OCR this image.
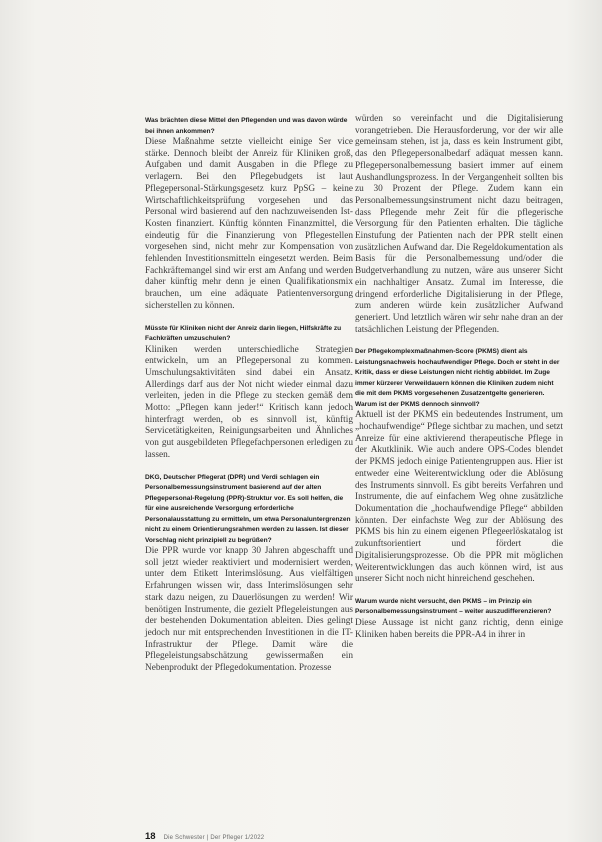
Was brächten diese Mittel den Pflegenden und was davon würde bei ihnen ankommen?

Diese Maßnahme setzte vielleicht einige Ser vice stärke. Dennoch bleibt der Anreiz für Kliniken groß, Aufgaben und damit Ausgaben in die Pflege zu verlagern. Bei den Pflegebudgets ist laut Pflegepersonal-Stärkungsgesetz kurz PpSG – keine Wirtschaftlichkeitsprüfung vorgesehen und das Personal wird basierend auf den nachzuweisenden Ist-Kosten finanziert. Künftig könnten Finanzmittel, die eindeutig für die Finanzierung von Pflegestellen vorgesehen sind, nicht mehr zur Kompensation von fehlenden Investitionsmitteln eingesetzt werden. Beim Fachkräftemangel sind wir erst am Anfang und werden daher künftig mehr denn je einen Qualifikationsmix brauchen, um eine adäquate Patientenversorgung sicherstellen zu können.

Müsste für Kliniken nicht der Anreiz darin liegen, Hilfskräfte zu Fachkräften umzuschulen?

Kliniken werden unterschiedliche Strategien entwickeln, um an Pflegepersonal zu kommen. Umschulungsaktivitäten sind dabei ein Ansatz. Allerdings darf aus der Not nicht wieder einmal dazu verleiten, jeden in die Pflege zu stecken gemäß dem Motto: „Pflegen kann jeder!“ Kritisch kann jedoch hinterfragt werden, ob es sinnvoll ist, künftig Servicetätigkeiten, Reinigungsarbeiten und Ähnliches von gut ausgebildeten Pflegefachpersonen erledigen zu lassen.

DKG, Deutscher Pflegerat (DPR) und Verdi schlagen ein Personalbemessungsinstrument basierend auf der alten Pflegepersonal-Regelung (PPR)-Struktur vor. Es soll helfen, die für eine ausreichende Versorgung erforderliche Personalausstattung zu ermitteln, um etwa Personaluntergrenzen nicht zu einem Orientierungsrahmen werden zu lassen. Ist dieser Vorschlag nicht prinzipiell zu begrüßen?

Die PPR wurde vor knapp 30 Jahren abgeschafft und soll jetzt wieder reaktiviert und modernisiert werden, unter dem Etikett Interimslösung. Aus vielfältigen Erfahrungen wissen wir, dass Interimslösungen sehr stark dazu neigen, zu Dauerlösungen zu werden! Wir benötigen Instrumente, die gezielt Pflegeleistungen aus der bestehenden Dokumentation ableiten. Dies gelingt jedoch nur mit entsprechenden Investitionen in die IT-Infrastruktur der Pflege. Damit wäre die Pflegeleistungsabschätzung gewissermaßen ein Nebenprodukt der Pflegedokumentation. Prozesse

würden so vereinfacht und die Digitalisierung vorangetrieben. Die Herausforderung, vor der wir alle gemeinsam stehen, ist ja, dass es kein Instrument gibt, das den Pflegepersonalbedarf adäquat messen kann. Pflegepersonalbemessung basiert immer auf einem Aushandlungsprozess. In der Vergangenheit sollten bis zu 30 Prozent der Pflege. Zudem kann ein Personalbemessungsinstrument nicht dazu beitragen, dass Pflegende mehr Zeit für die pflegerische Versorgung für den Patienten erhalten. Die tägliche Einstufung der Patienten nach der PPR stellt einen zusätzlichen Aufwand dar. Die Regeldokumentation als Basis für die Personalbemessung und/oder die Budgetverhandlung zu nutzen, wäre aus unserer Sicht ein nachhaltiger Ansatz. Zumal im Interesse, die dringend erforderliche Digitalisierung in der Pflege, zum anderen würde kein zusätzlicher Aufwand generiert. Und letztlich wären wir sehr nahe dran an der tatsächlichen Leistung der Pflegenden.

Der Pflegekomplexmaßnahmen-Score (PKMS) dient als Leistungsnachweis hochaufwendiger Pflege. Doch er steht in der Kritik, dass er diese Leistungen nicht richtig abbildet. Im Zuge immer kürzerer Verweildauern können die Kliniken zudem nicht die mit dem PKMS vorgesehenen Zusatzentgelte generieren. Warum ist der PKMS dennoch sinnvoll?

Aktuell ist der PKMS ein bedeutendes Instrument, um „hochaufwendige“ Pflege sichtbar zu machen, und setzt Anreize für eine aktivierend therapeutische Pflege in der Akutklinik. Wie auch andere OPS-Codes blendet der PKMS jedoch einige Patientengruppen aus. Hier ist entweder eine Weiterentwicklung oder die Ablösung des Instruments sinnvoll. Es gibt bereits Verfahren und Instrumente, die auf einfachem Weg ohne zusätzliche Dokumentation die „hochaufwendige Pflege“ abbilden könnten. Der einfachste Weg zur der Ablösung des PKMS bis hin zu einem eigenen Pflegeerlöskatalog ist zukunftsorientiert und fördert die Digitalisierungsprozesse. Ob die PPR mit möglichen Weiterentwicklungen das auch können wird, ist aus unserer Sicht noch nicht hinreichend geschehen.

Warum wurde nicht versucht, den PKMS – im Prinzip ein Personalbemessungsinstrument – weiter auszudifferenzieren?

Diese Aussage ist nicht ganz richtig, denn einige Kliniken haben bereits die PPR-A4 in ihrer in

18 Die Schwester | Der Pfleger 1/2022
